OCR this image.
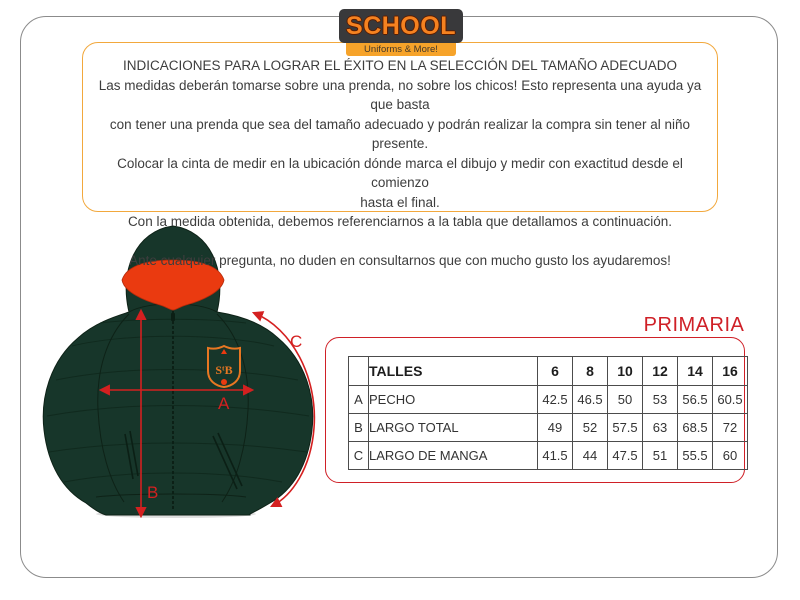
SCHOOL
Uniforms & More!
INDICACIONES PARA LOGRAR EL ÉXITO EN LA SELECCIÓN DEL TAMAÑO ADECUADO
Las medidas deberán tomarse sobre una prenda, no sobre los chicos! Esto representa una ayuda ya que basta
con tener una prenda que sea del tamaño adecuado y podrán realizar la compra sin tener al niño presente.
Colocar la cinta de medir en la ubicación dónde marca el dibujo y medir con exactitud desde el comienzo
hasta el final.
Con la medida obtenida, debemos referenciarnos a la tabla que detallamos a continuación.
Ante cualquier pregunta, no duden en consultarnos que con mucho gusto los ayudaremos!
SᵗB
A
B
C
PRIMARIA
	TALLES	6	8	10	12	14	16
A	PECHO	42.5	46.5	50	53	56.5	60.5
B	LARGO TOTAL	49	52	57.5	63	68.5	72
C	LARGO DE MANGA	41.5	44	47.5	51	55.5	60
